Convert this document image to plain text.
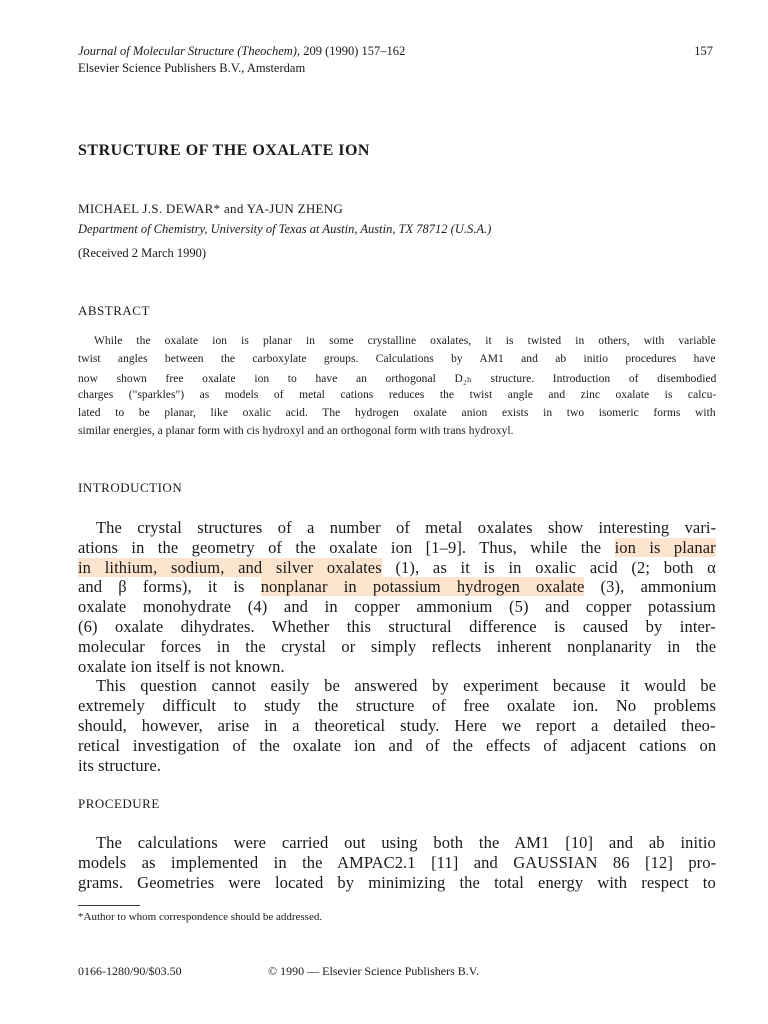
Journal of Molecular Structure (Theochem), 209 (1990) 157–162	157
Elsevier Science Publishers B.V., Amsterdam
STRUCTURE OF THE OXALATE ION
MICHAEL J.S. DEWAR* and YA-JUN ZHENG
Department of Chemistry, University of Texas at Austin, Austin, TX 78712 (U.S.A.)
(Received 2 March 1990)
ABSTRACT
While the oxalate ion is planar in some crystalline oxalates, it is twisted in others, with variable
twist angles between the carboxylate groups. Calculations by AM1 and ab initio procedures have
now shown free oxalate ion to have an orthogonal D₂ₕ structure. Introduction of disembodied
charges ("sparkles") as models of metal cations reduces the twist angle and zinc oxalate is calcu-
lated to be planar, like oxalic acid. The hydrogen oxalate anion exists in two isomeric forms with
similar energies, a planar form with cis hydroxyl and an orthogonal form with trans hydroxyl.
INTRODUCTION
The crystal structures of a number of metal oxalates show interesting vari-
ations in the geometry of the oxalate ion [1–9]. Thus, while the ion is planar
in lithium, sodium, and silver oxalates (1), as it is in oxalic acid (2; both α
and β forms), it is nonplanar in potassium hydrogen oxalate (3), ammonium
oxalate monohydrate (4) and in copper ammonium (5) and copper potassium
(6) oxalate dihydrates. Whether this structural difference is caused by inter-
molecular forces in the crystal or simply reflects inherent nonplanarity in the
oxalate ion itself is not known.
This question cannot easily be answered by experiment because it would be
extremely difficult to study the structure of free oxalate ion. No problems
should, however, arise in a theoretical study. Here we report a detailed theo-
retical investigation of the oxalate ion and of the effects of adjacent cations on
its structure.
PROCEDURE
The calculations were carried out using both the AM1 [10] and ab initio
models as implemented in the AMPAC2.1 [11] and GAUSSIAN 86 [12] pro-
grams. Geometries were located by minimizing the total energy with respect to
*Author to whom correspondence should be addressed.
0166-1280/90/$03.50	© 1990 — Elsevier Science Publishers B.V.
